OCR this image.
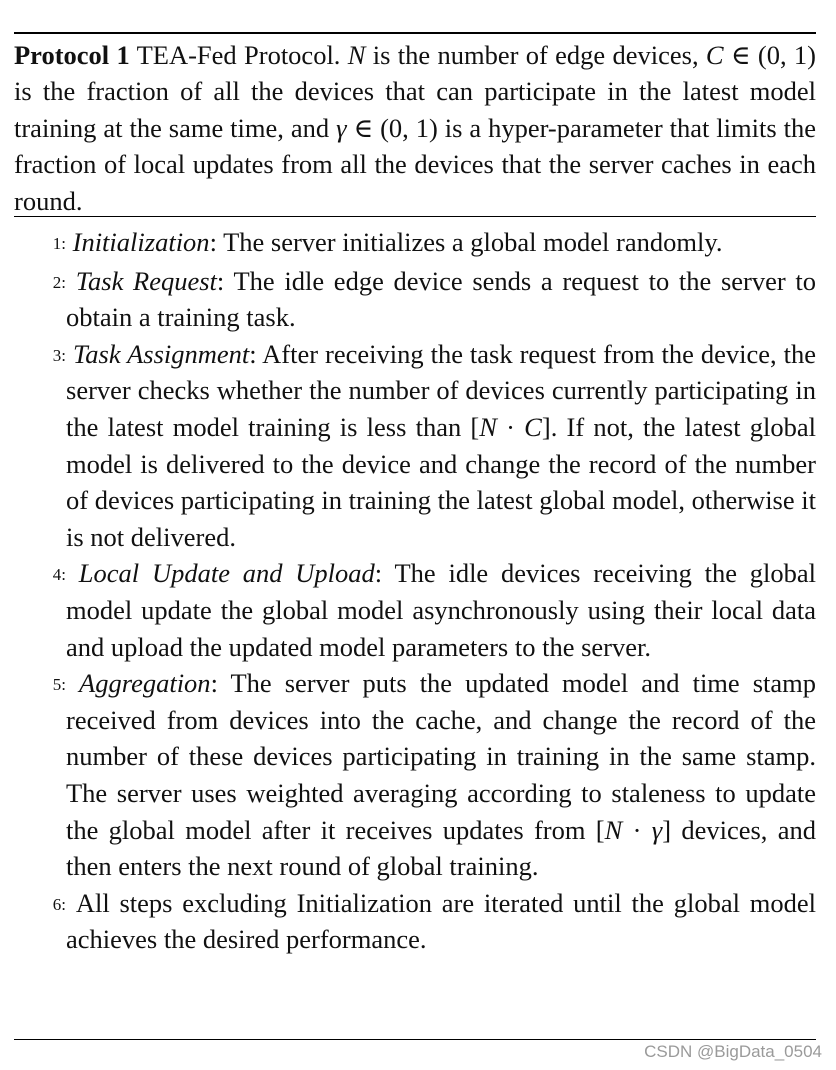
Protocol 1 TEA-Fed Protocol. N is the number of edge devices, C ∈ (0, 1) is the fraction of all the devices that can participate in the latest model training at the same time, and γ ∈ (0, 1) is a hyper-parameter that limits the fraction of local updates from all the devices that the server caches in each round.
1: Initialization: The server initializes a global model randomly.
2: Task Request: The idle edge device sends a request to the server to obtain a training task.
3: Task Assignment: After receiving the task request from the device, the server checks whether the number of devices currently participating in the latest model training is less than [N · C]. If not, the latest global model is delivered to the device and change the record of the number of devices participating in training the latest global model, otherwise it is not delivered.
4: Local Update and Upload: The idle devices receiving the global model update the global model asynchronously using their local data and upload the updated model parameters to the server.
5: Aggregation: The server puts the updated model and time stamp received from devices into the cache, and change the record of the number of these devices participating in training in the same stamp. The server uses weighted averaging according to staleness to update the global model after it receives updates from [N · γ] devices, and then enters the next round of global training.
6: All steps excluding Initialization are iterated until the global model achieves the desired performance.
CSDN @BigData_0504
